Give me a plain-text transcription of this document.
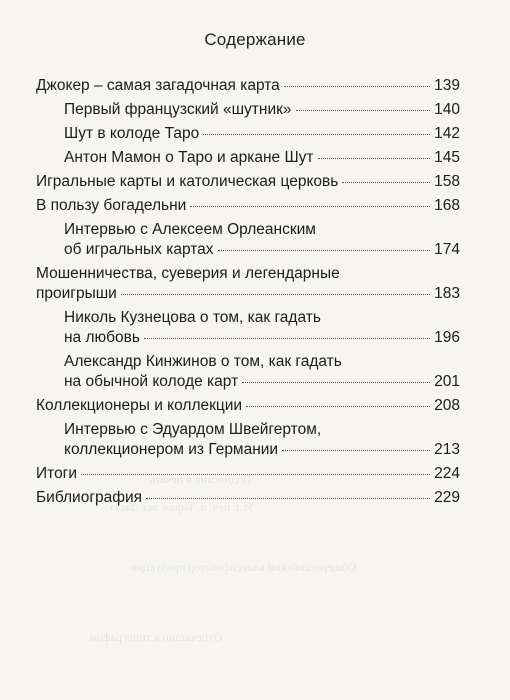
Подписано в печать
Усл. печ. л. Тираж экз. Заказ
Общероссийский классификатор продукции
Отпечатано в типографии
Содержание
Джокер – самая загадочная карта	139
Первый французский «шутник»	140
Шут в колоде Таро	142
Антон Мамон о Таро и аркане Шут	145
Игральные карты и католическая церковь	158
В пользу богадельни	168
Интервью с Алексеем Орлеанским
об игральных картах	174
Мошенничества, суеверия и легендарные
проигрыши	183
Николь Кузнецова о том, как гадать
на любовь	196
Александр Кинжинов о том, как гадать
на обычной колоде карт	201
Коллекционеры и коллекции	208
Интервью с Эдуардом Швейгертом,
коллекционером из Германии	213
Итоги	224
Библиография	229
